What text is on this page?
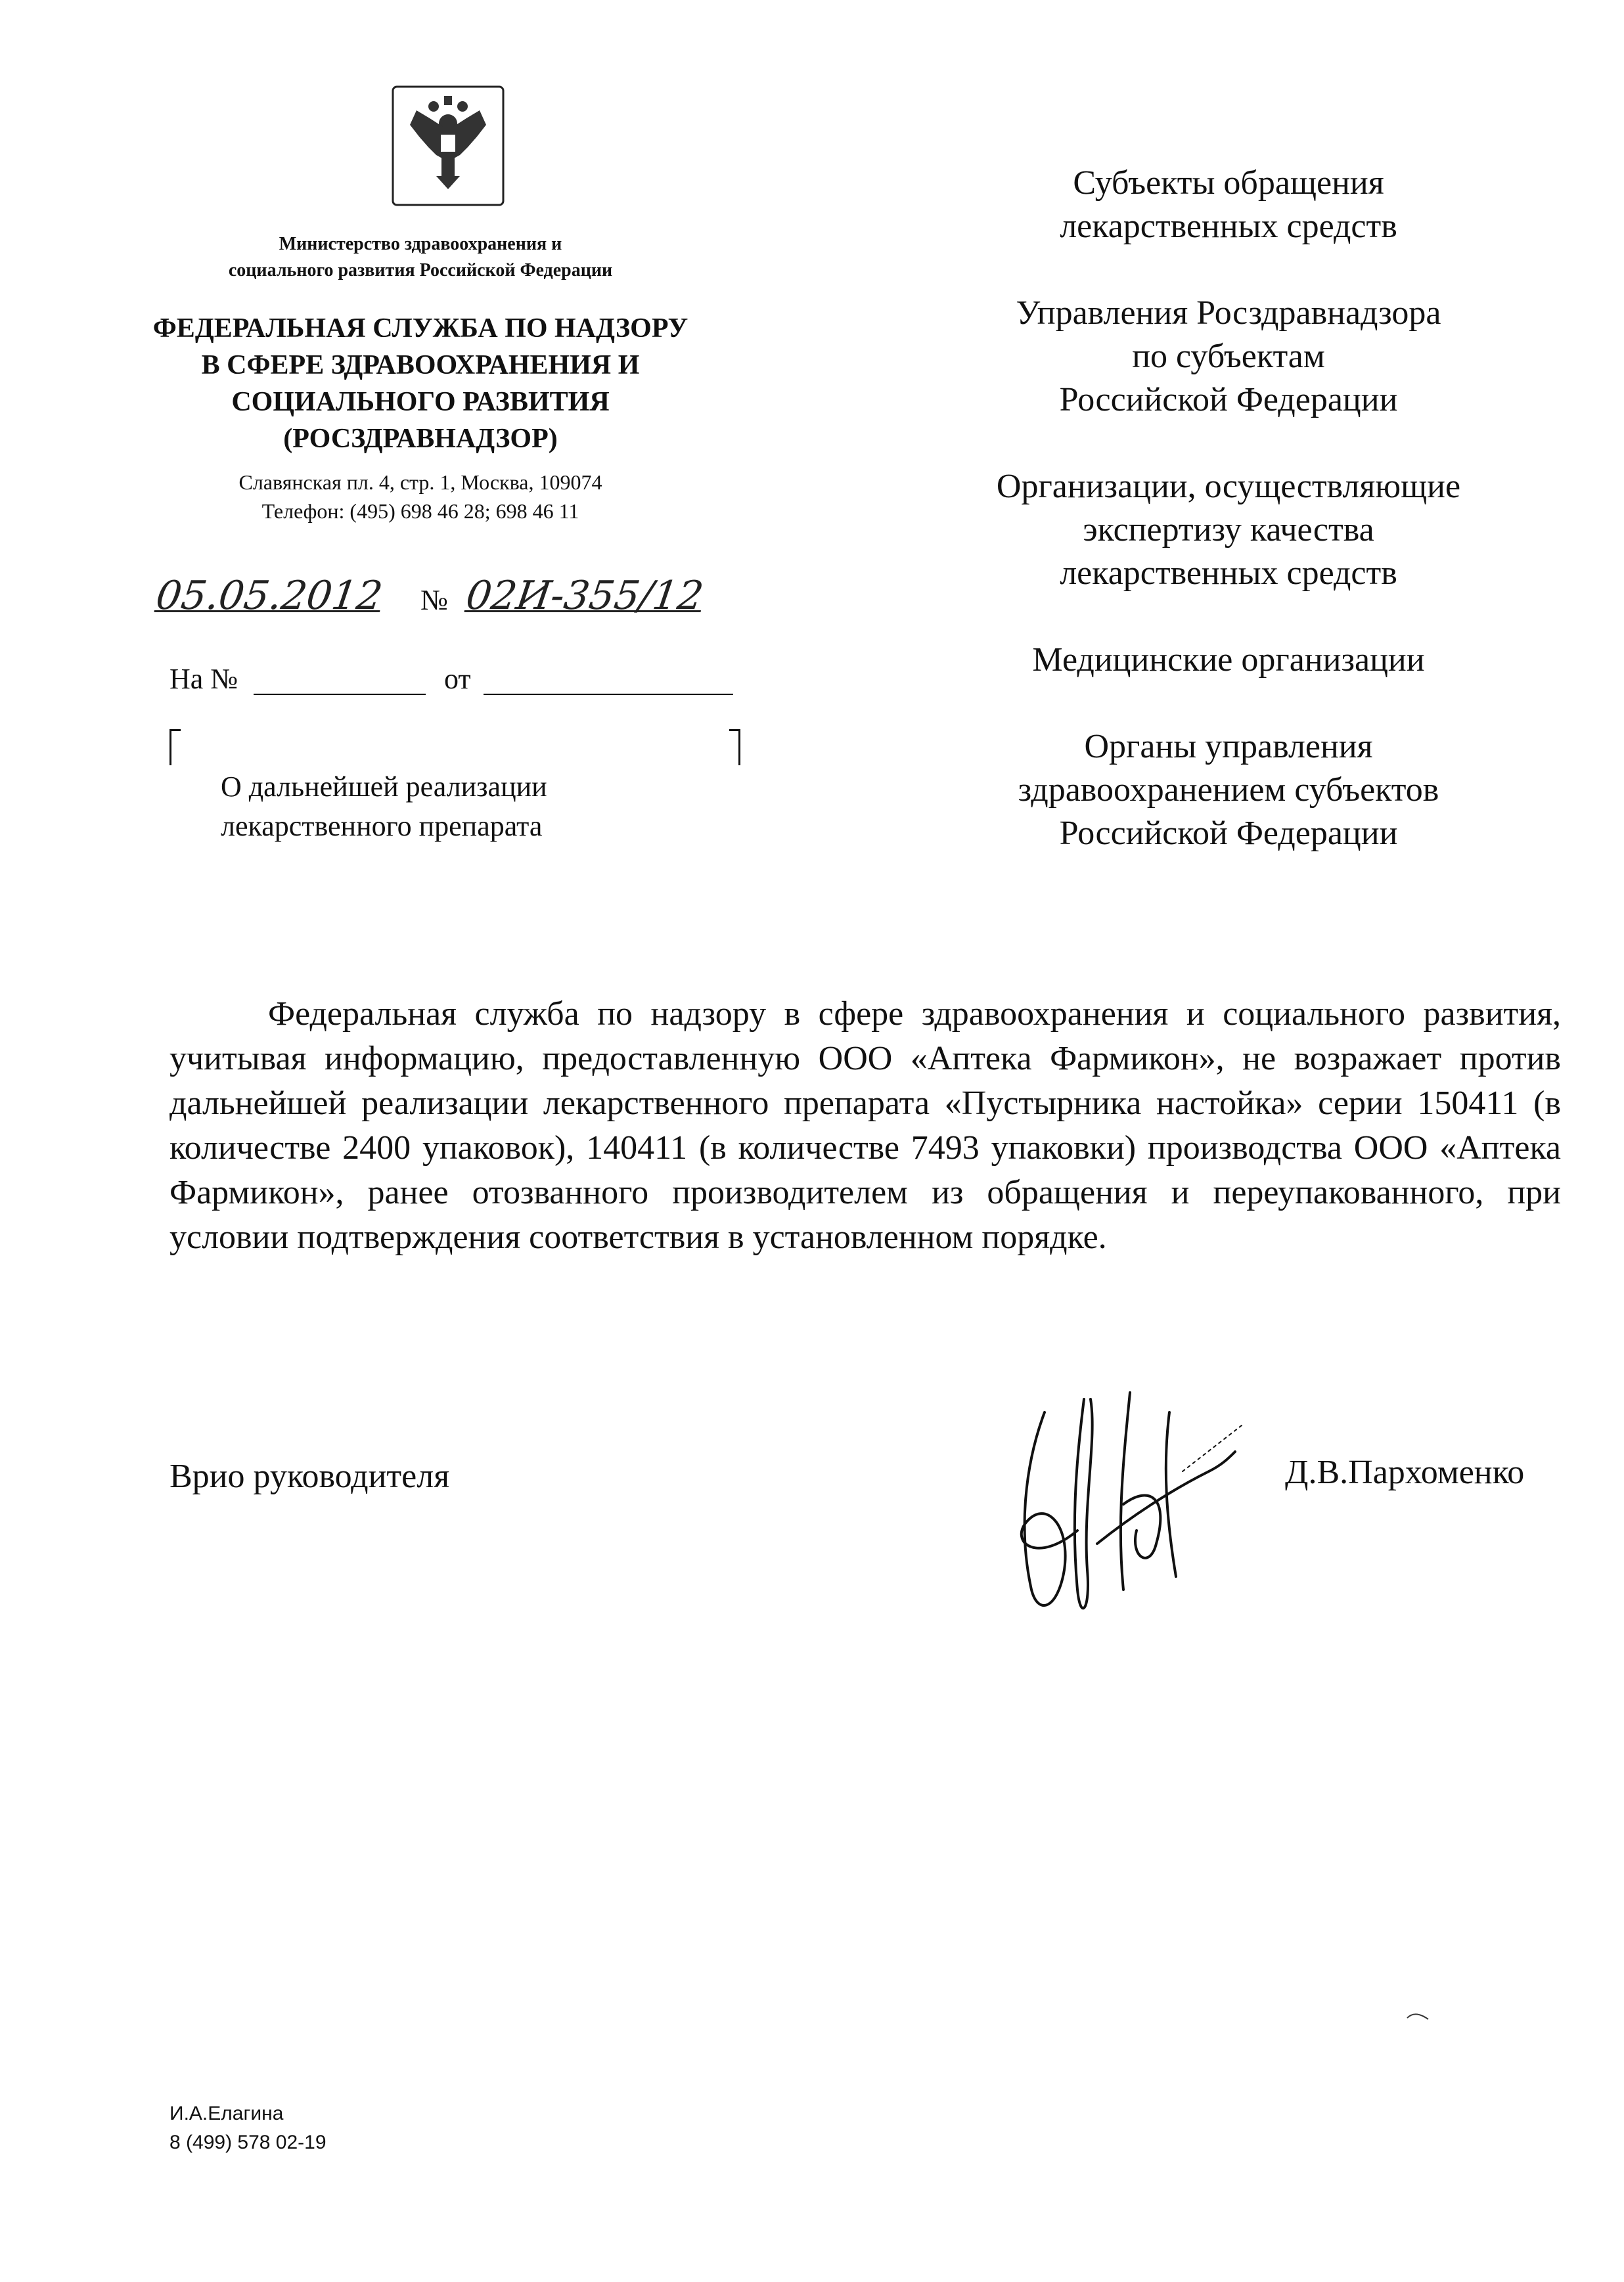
Министерство здравоохранения и
социального развития Российской Федерации
ФЕДЕРАЛЬНАЯ СЛУЖБА ПО НАДЗОРУ
В СФЕРЕ ЗДРАВООХРАНЕНИЯ И
СОЦИАЛЬНОГО РАЗВИТИЯ
(РОСЗДРАВНАДЗОР)
Славянская пл. 4, стр. 1, Москва, 109074
Телефон: (495) 698 46 28; 698 46 11
05.05.2012 № 02И-355/12
На №	от
О дальнейшей реализации
лекарственного препарата
Субъекты обращения
лекарственных средств
Управления Росздравнадзора
по субъектам
Российской Федерации
Организации, осуществляющие
экспертизу качества
лекарственных средств
Медицинские организации
Органы управления
здравоохранением субъектов
Российской Федерации
Федеральная служба по надзору в сфере здравоохранения и социального развития, учитывая информацию, предоставленную ООО «Аптека Фармикон», не возражает против дальнейшей реализации лекарственного препарата «Пустырника настойка» серии 150411 (в количестве 2400 упаковок), 140411 (в количестве 7493 упаковки) производства ООО «Аптека Фармикон», ранее отозванного производителем из обращения и переупакованного, при условии подтверждения соответствия в установленном порядке.
Врио руководителя	Д.В.Пархоменко
И.А.Елагина
8 (499) 578 02-19
